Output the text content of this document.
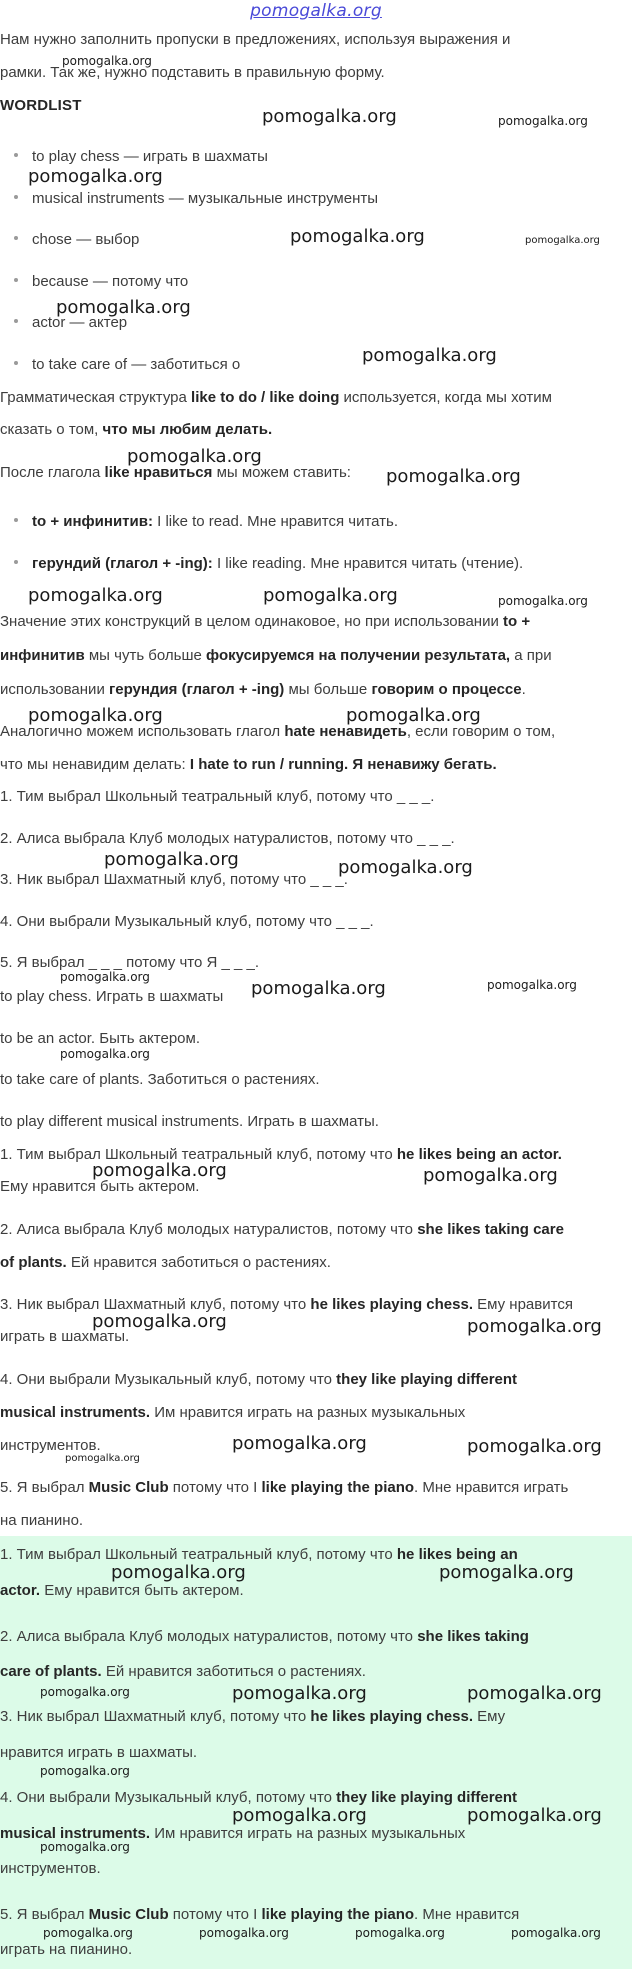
pomogalka.org
Нам нужно заполнить пропуски в предложениях, используя выражения и
рамки. Так же, нужно подставить в правильную форму.
WORDLIST
to play chess — играть в шахматы
musical instruments — музыкальные инструменты
chose — выбор
because — потому что
actor — актер
to take care of — заботиться о
Грамматическая структура like to do / like doing используется, когда мы хотим
сказать о том, что мы любим делать.
После глагола like нравиться мы можем ставить:
to + инфинитив: I like to read. Мне нравится читать.
герундий (глагол + -ing): I like reading. Мне нравится читать (чтение).
Значение этих конструкций в целом одинаковое, но при использовании to +
инфинитив мы чуть больше фокусируемся на получении результата, а при
использовании герундия (глагол + -ing) мы больше говорим о процессе.
Аналогично можем использовать глагол hate ненавидеть, если говорим о том,
что мы ненавидим делать: I hate to run / running. Я ненавижу бегать.
1. Тим выбрал Школьный театральный клуб, потому что _ _ _.
2. Алиса выбрала Клуб молодых натуралистов, потому что _ _ _.
3. Ник выбрал Шахматный клуб, потому что _ _ _.
4. Они выбрали Музыкальный клуб, потому что _ _ _.
5. Я выбрал _ _ _ потому что Я _ _ _.
to play chess. Играть в шахматы
to be an actor. Быть актером.
to take care of plants. Заботиться о растениях.
to play different musical instruments. Играть в шахматы.
1. Тим выбрал Школьный театральный клуб, потому что he likes being an actor.
Ему нравится быть актером.
2. Алиса выбрала Клуб молодых натуралистов, потому что she likes taking care
of plants. Ей нравится заботиться о растениях.
3. Ник выбрал Шахматный клуб, потому что he likes playing chess. Ему нравится
играть в шахматы.
4. Они выбрали Музыкальный клуб, потому что they like playing different
musical instruments. Им нравится играть на разных музыкальных
инструментов.
5. Я выбрал Music Club потому что I like playing the piano. Мне нравится играть
на пианино.
1. Тим выбрал Школьный театральный клуб, потому что he likes being an
actor. Ему нравится быть актером.
2. Алиса выбрала Клуб молодых натуралистов, потому что she likes taking
care of plants. Ей нравится заботиться о растениях.
3. Ник выбрал Шахматный клуб, потому что he likes playing chess. Ему
нравится играть в шахматы.
4. Они выбрали Музыкальный клуб, потому что they like playing different
musical instruments. Им нравится играть на разных музыкальных
инструментов.
5. Я выбрал Music Club потому что I like playing the piano. Мне нравится
играть на пианино.
pomogalka.org
pomogalka.org	pomogalka.org
pomogalka.org
pomogalka.org	pomogalka.org
pomogalka.org
pomogalka.org
pomogalka.org
pomogalka.org
pomogalka.org	pomogalka.org	pomogalka.org
pomogalka.org	pomogalka.org
pomogalka.org	pomogalka.org
pomogalka.org
pomogalka.org	pomogalka.org
pomogalka.org
pomogalka.org	pomogalka.org
pomogalka.org	pomogalka.org
pomogalka.org	pomogalka.org
pomogalka.org
pomogalka.org	pomogalka.org
pomogalka.org	pomogalka.org	pomogalka.org
pomogalka.org
pomogalka.org	pomogalka.org
pomogalka.org
pomogalka.org	pomogalka.org	pomogalka.org	pomogalka.org
